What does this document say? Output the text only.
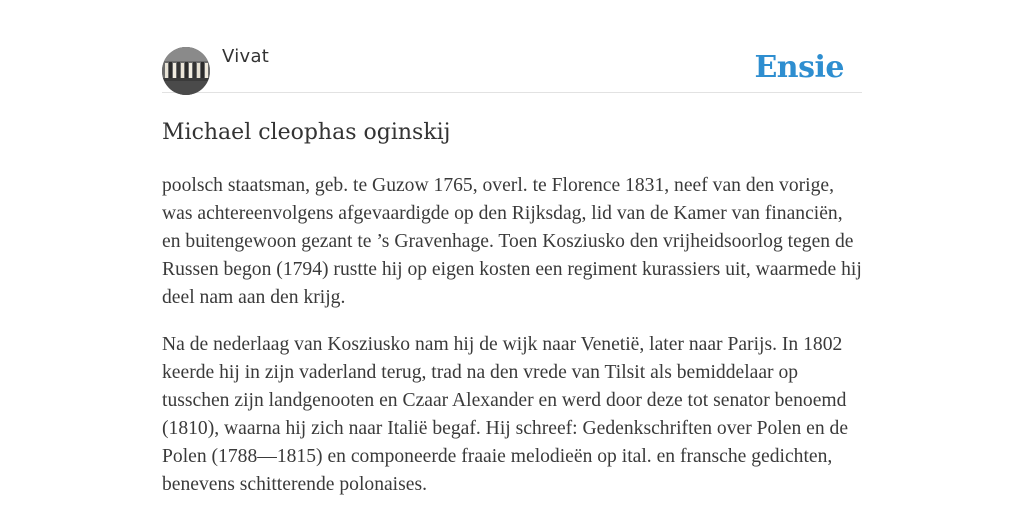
Vivat	Ensie
Michael cleophas oginskij

poolsch staatsman, geb. te Guzow 1765, overl. te Florence 1831, neef van den vorige, was achtereenvolgens afgevaardigde op den Rijksdag, lid van de Kamer van financiën, en buitengewoon gezant te ’s Gravenhage. Toen Kosziusko den vrijheidsoorlog tegen de Russen begon (1794) rustte hij op eigen kosten een regiment kurassiers uit, waarmede hij deel nam aan den krijg.

Na de nederlaag van Kosziusko nam hij de wijk naar Venetië, later naar Parijs. In 1802 keerde hij in zijn vaderland terug, trad na den vrede van Tilsit als bemiddelaar op tusschen zijn landgenooten en Czaar Alexander en werd door deze tot senator benoemd (1810), waarna hij zich naar Italië begaf. Hij schreef: Gedenkschriften over Polen en de Polen (1788—1815) en componeerde fraaie melodieën op ital. en fransche gedichten, benevens schitterende polonaises.
